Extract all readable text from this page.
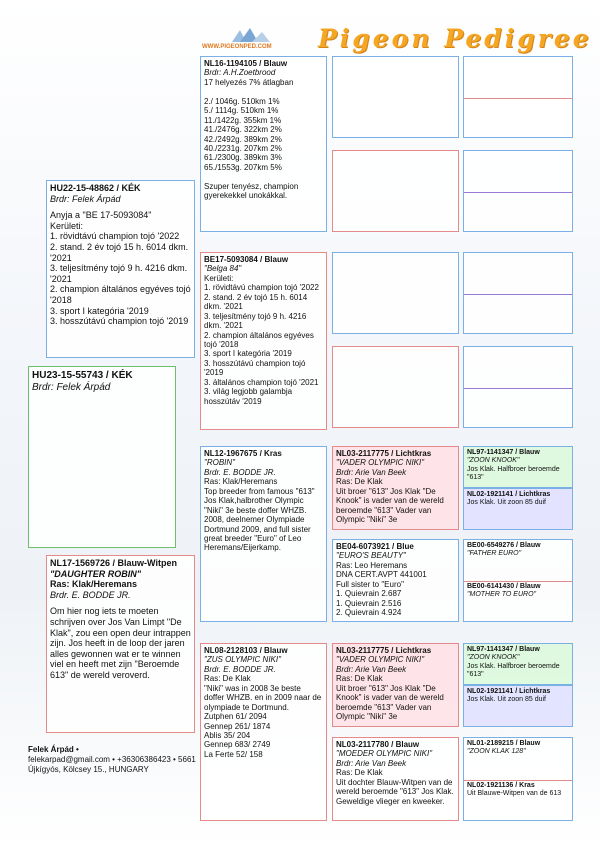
WWW.PIGEONPED.COM Pigeon Pedigree
HU23-15-55743 / KÉK
Brdr: Felek Árpád
HU22-15-48862 / KÉK
Brdr: Felek Árpád
Anyja a "BE 17-5093084"
Kerületi:
1. rövidtávú champion tojó '2022
2. stand. 2 év tojó 15 h. 6014 dkm. '2021
3. teljesítmény tojó 9 h. 4216 dkm. '2021
2. champion általános egyéves tojó '2018
3. sport I kategória '2019
3. hosszútávú champion tojó '2019
NL17-1569726 / Blauw-Witpen
"DAUGHTER ROBIN"
Ras: Klak/Heremans
Brdr. E. BODDE JR.
Om hier nog iets te moeten schrijven over Jos Van Limpt "De Klak", zou een open deur intrappen zijn. Jos heeft in de loop der jaren alles gewonnen wat er te winnen viel en heeft met zijn "Beroemde 613" de wereld veroverd.
NL16-1194105 / Blauw
Brdr: A.H.Zoetbrood
17 helyezés 7% átlagban

2./ 1046g. 510km 1%
5./ 1114g. 510km 1%
11./1422g. 355km 1%
41./2476g. 322km 2%
42./2492g. 389km 2%
40./2231g. 207km 2%
61./2300g. 389km 3%
65./1553g. 207km 5%

Szuper tenyész, champion gyerekekkel unokákkal.
BE17-5093084 / Blauw
"Belga 84"
Kerületi:
1. rövidtávú champion tojó '2022
2. stand. 2 év tojó 15 h. 6014 dkm. '2021
3. teljesítmény tojó 9 h. 4216 dkm. '2021
2. champion általános egyéves tojó '2018
3. sport I kategória '2019
3. hosszútávú champion tojó '2019
3. általános champion tojó '2021
3. világ legjobb galambja hosszútáv '2019
NL12-1967675 / Kras
"ROBIN"
Brdr. E. BODDE JR.
Ras: Klak/Heremans
Top breeder from famous "613" Jos Klak,halbrother Olympic "Niki" 3e beste doffer WHZB. 2008, deelnemer Olympiade Dortmund 2009, and full sister great breeder "Euro" of Leo Heremans/Eijerkamp.
NL08-2128103 / Blauw
"ZUS OLYMPIC NIKI"
Brdr. E. BODDE JR.
Ras: De Klak
"Niki" was in 2008 3e beste doffer WHZB. en in 2009 naar de olympiade te Dortmund.
Zutphen 61/ 2094
Gennep 261/ 1874
Ablis 35/ 204
Gennep 683/ 2749
La Ferte 52/ 158
NL03-2117775 / Lichtkras
"VADER OLYMPIC NIKI"
Brdr: Arie Van Beek
Ras: De Klak
Uit broer "613" Jos Klak "De Knook" is vader van de wereld beroemde "613" Vader van Olympic "Niki" 3e
BE04-6073921 / Blue
"EURO'S BEAUTY"
Ras: Leo Heremans
DNA CERT.AVPT 441001
Full sister to "Euro"
1. Quievrain 2.687
1. Quievrain 2.516
2. Quievrain 4.924
NL03-2117775 / Lichtkras
"VADER OLYMPIC NIKI"
Brdr: Arie Van Beek
Ras: De Klak
Uit broer "613" Jos Klak "De Knook" is vader van de wereld beroemde "613" Vader van Olympic "Niki" 3e
NL03-2117780 / Blauw
"MOEDER OLYMPIC NIKI"
Brdr: Arie Van Beek
Ras: De Klak
Uit dochter Blauw-Witpen van de wereld beroemde "613" Jos Klak. Geweldige vlieger en kweeker.
NL97-1141347 / Blauw
"ZOON KNOOK"
Jos Klak. Halfbroer beroemde "613"
NL02-1921141 / Lichtkras
Jos Klak. Uit zoon 85 duif
BE00-6549276 / Blauw
"FATHER EURO"
BE00-6141430 / Blauw
"MOTHER TO EURO"
NL97-1141347 / Blauw
"ZOON KNOOK"
Jos Klak. Halfbroer beroemde "613"
NL02-1921141 / Lichtkras
Jos Klak. Uit zoon 85 duif
NL01-2189215 / Blauw
"ZOON KLAK 128"
NL02-1921136 / Kras
Uit Blauwe-Witpen van de 613
Felek Árpád •
felekarpad@gmail.com • +36306386423 • 5661 Újkígyós, Kölcsey 15., HUNGARY
